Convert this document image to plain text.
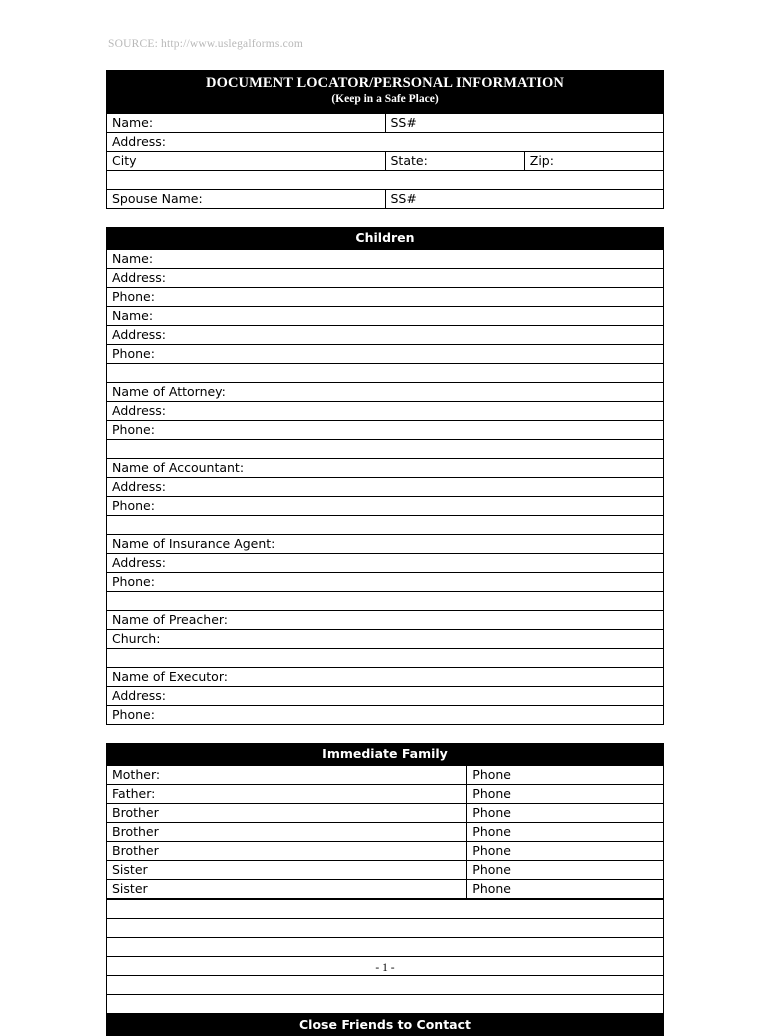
SOURCE: http://www.uslegalforms.com
DOCUMENT LOCATOR/PERSONAL INFORMATION
(Keep in a Safe Place)
Name:	SS#	
Address:		
City	State:	Zip:

Spouse Name:	SS#	

Children
Name:
Address:
Phone:
Name:
Address:
Phone:

Name of Attorney:
Address:
Phone:

Name of Accountant:
Address:
Phone:

Name of Insurance Agent:
Address:
Phone:

Name of Preacher:
Church:

Name of Executor:
Address:
Phone:

Immediate Family
Mother:	Phone
Father:	Phone
Brother	Phone
Brother	Phone
Brother	Phone
Sister	Phone
Sister	Phone

Close Friends to Contact
- 1 -
